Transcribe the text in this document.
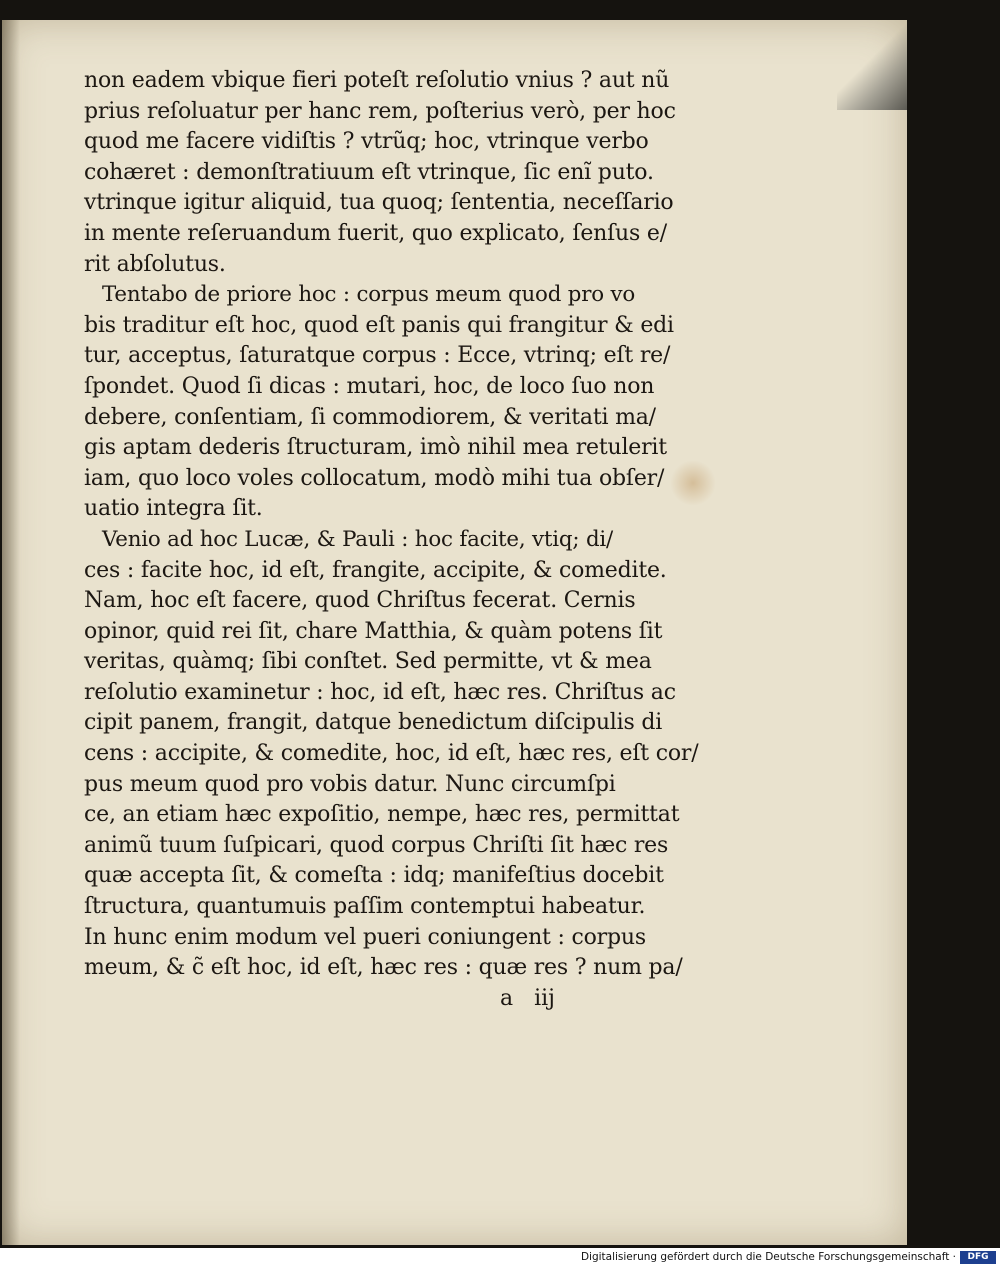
non eadem vbique fieri poteſt reſolutio vnius ? aut nũ
prius reſoluatur per hanc rem, poſterius verò, per hoc
quod me facere vidiſtis ? vtrũq; hoc, vtrinque verbo
cohæret : demonſtratiuum eſt vtrinque, ſic enĩ puto.
vtrinque igitur aliquid, tua quoq; ſententia, neceſſario
in mente reſeruandum fuerit, quo explicato, ſenſus e/
rit abſolutus.
Tentabo de priore hoc : corpus meum quod pro vo
bis traditur eſt hoc, quod eſt panis qui frangitur & edi
tur, acceptus, ſaturatque corpus : Ecce, vtrinq; eſt re/
ſpondet. Quod ſi dicas : mutari, hoc, de loco ſuo non
debere, conſentiam, ſi commodiorem, & veritati ma/
gis aptam dederis ſtructuram, imò nihil mea retulerit
iam, quo loco voles collocatum, modò mihi tua obſer/
uatio integra ſit.
Venio ad hoc Lucæ, & Pauli : hoc facite, vtiq; di/
ces : facite hoc, id eſt, frangite, accipite, & comedite.
Nam, hoc eſt facere, quod Chriſtus fecerat. Cernis
opinor, quid rei ſit, chare Matthia, & quàm potens ſit
veritas, quàmq; ſibi conſtet. Sed permitte, vt & mea
reſolutio examinetur : hoc, id eſt, hæc res. Chriſtus ac
cipit panem, frangit, datque benedictum diſcipulis di
cens : accipite, & comedite, hoc, id eſt, hæc res, eſt cor/
pus meum quod pro vobis datur. Nunc circumſpi
ce, an etiam hæc expoſitio, nempe, hæc res, permittat
animũ tuum ſuſpicari, quod corpus Chriſti ſit hæc res
quæ accepta ſit, & comeſta : idq; manifeſtius docebit
ſtructura, quantumuis paſſim contemptui habeatur.
In hunc enim modum vel pueri coniungent : corpus
meum, & c̃ eſt hoc, id eſt, hæc res : quæ res ? num pa/
a iij
Digitalisierung gefördert durch die Deutsche Forschungsgemeinschaft ·	DFG
